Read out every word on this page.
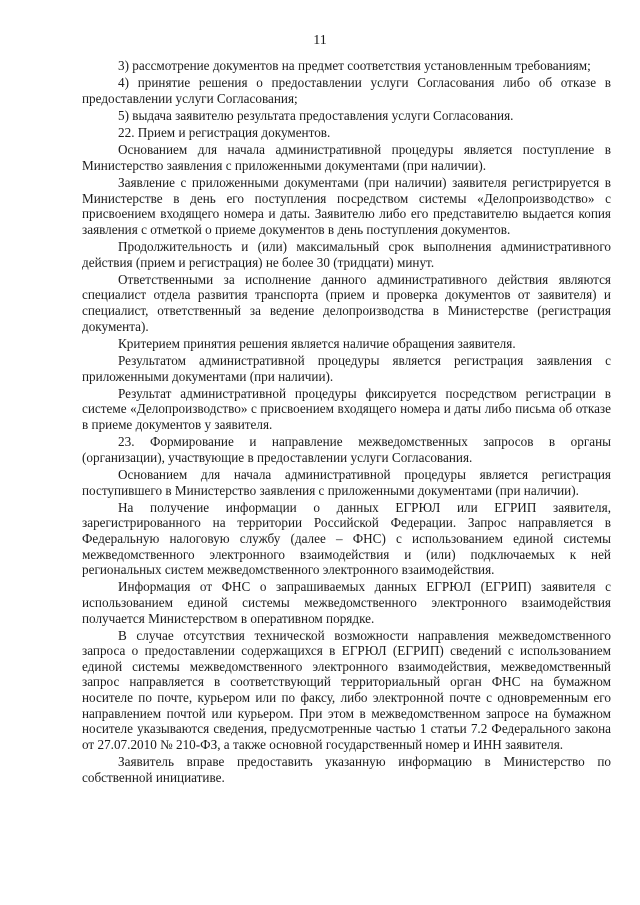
11

3) рассмотрение документов на предмет соответствия установленным требованиям;

4) принятие решения о предоставлении услуги Согласования либо об отказе в предоставлении услуги Согласования;

5) выдача заявителю результата предоставления услуги Согласования.

22. Прием и регистрация документов.

Основанием для начала административной процедуры является поступление в Министерство заявления с приложенными документами (при наличии).

Заявление с приложенными документами (при наличии) заявителя регистрируется в Министерстве в день его поступления посредством системы «Делопроизводство» с присвоением входящего номера и даты. Заявителю либо его представителю выдается копия заявления с отметкой о приеме документов в день поступления документов.

Продолжительность и (или) максимальный срок выполнения административного действия (прием и регистрация) не более 30 (тридцати) минут.

Ответственными за исполнение данного административного действия являются специалист отдела развития транспорта (прием и проверка документов от заявителя) и специалист, ответственный за ведение делопроизводства в Министерстве (регистрация документа).

Критерием принятия решения является наличие обращения заявителя.

Результатом административной процедуры является регистрация заявления с приложенными документами (при наличии).

Результат административной процедуры фиксируется посредством регистрации в системе «Делопроизводство» с присвоением входящего номера и даты либо письма об отказе в приеме документов у заявителя.

23. Формирование и направление межведомственных запросов в органы (организации), участвующие в предоставлении услуги Согласования.

Основанием для начала административной процедуры является регистрация поступившего в Министерство заявления с приложенными документами (при наличии).

На получение информации о данных ЕГРЮЛ или ЕГРИП заявителя, зарегистрированного на территории Российской Федерации. Запрос направляется в Федеральную налоговую службу (далее – ФНС) с использованием единой системы межведомственного электронного взаимодействия и (или) подключаемых к ней региональных систем межведомственного электронного взаимодействия.

Информация от ФНС о запрашиваемых данных ЕГРЮЛ (ЕГРИП) заявителя с использованием единой системы межведомственного электронного взаимодействия получается Министерством в оперативном порядке.

В случае отсутствия технической возможности направления межведомственного запроса о предоставлении содержащихся в ЕГРЮЛ (ЕГРИП) сведений с использованием единой системы межведомственного электронного взаимодействия, межведомственный запрос направляется в соответствующий территориальный орган ФНС на бумажном носителе по почте, курьером или по факсу, либо электронной почте с одновременным его направлением почтой или курьером. При этом в межведомственном запросе на бумажном носителе указываются сведения, предусмотренные частью 1 статьи 7.2 Федерального закона от 27.07.2010 № 210-ФЗ, а также основной государственный номер и ИНН заявителя.

Заявитель вправе предоставить указанную информацию в Министерство по собственной инициативе.
